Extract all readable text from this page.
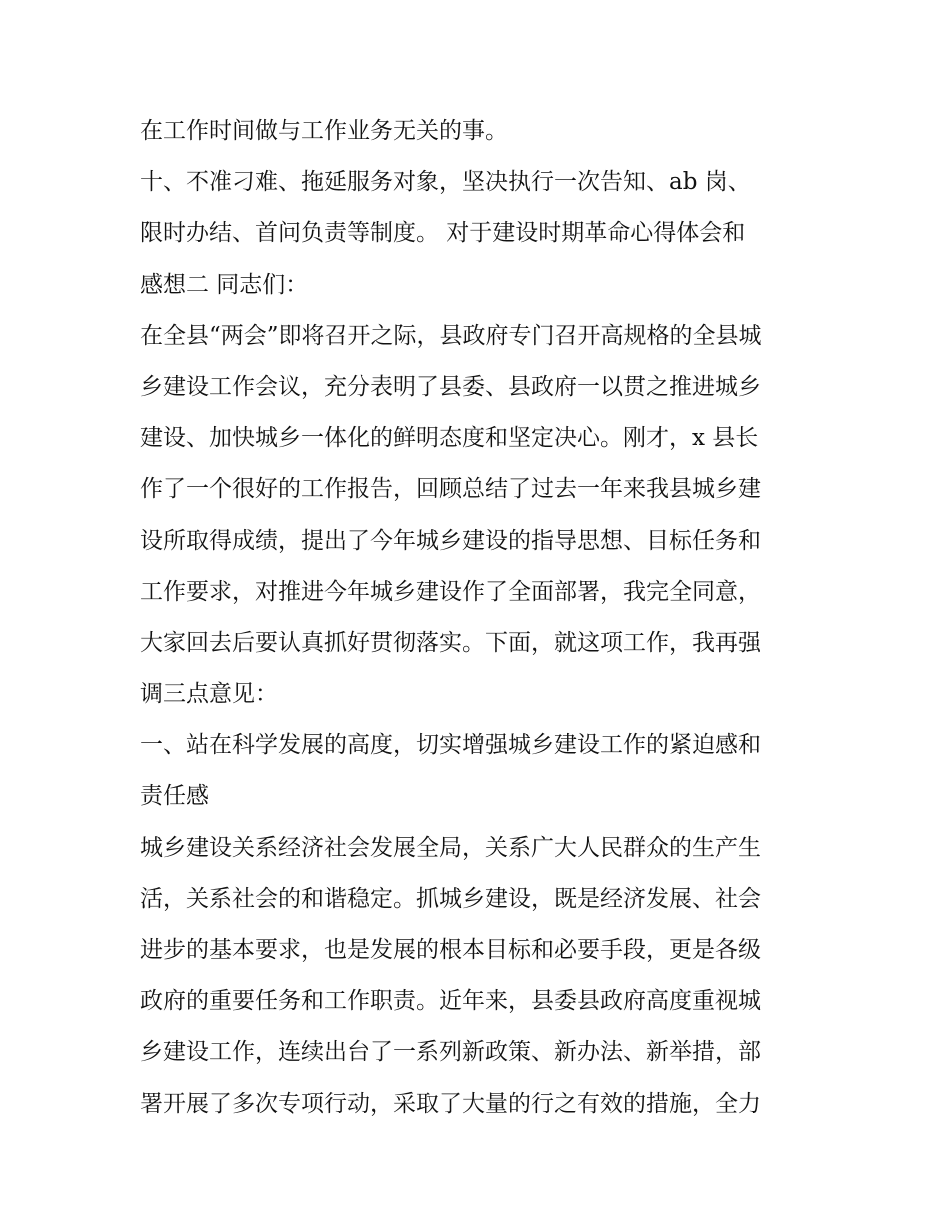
在工作时间做与工作业务无关的事。
十、不准刁难、拖延服务对象，坚决执行一次告知、ab 岗、
限时办结、首问负责等制度。 对于建设时期革命心得体会和
感想二 同志们：
在全县“两会”即将召开之际，县政府专门召开高规格的全县城
乡建设工作会议，充分表明了县委、县政府一以贯之推进城乡
建设、加快城乡一体化的鲜明态度和坚定决心。刚才，x 县长
作了一个很好的工作报告，回顾总结了过去一年来我县城乡建
设所取得成绩，提出了今年城乡建设的指导思想、目标任务和
工作要求，对推进今年城乡建设作了全面部署，我完全同意，
大家回去后要认真抓好贯彻落实。下面，就这项工作，我再强
调三点意见：
一、站在科学发展的高度，切实增强城乡建设工作的紧迫感和
责任感
城乡建设关系经济社会发展全局，关系广大人民群众的生产生
活，关系社会的和谐稳定。抓城乡建设，既是经济发展、社会
进步的基本要求，也是发展的根本目标和必要手段，更是各级
政府的重要任务和工作职责。近年来，县委县政府高度重视城
乡建设工作，连续出台了一系列新政策、新办法、新举措，部
署开展了多次专项行动，采取了大量的行之有效的措施，全力
